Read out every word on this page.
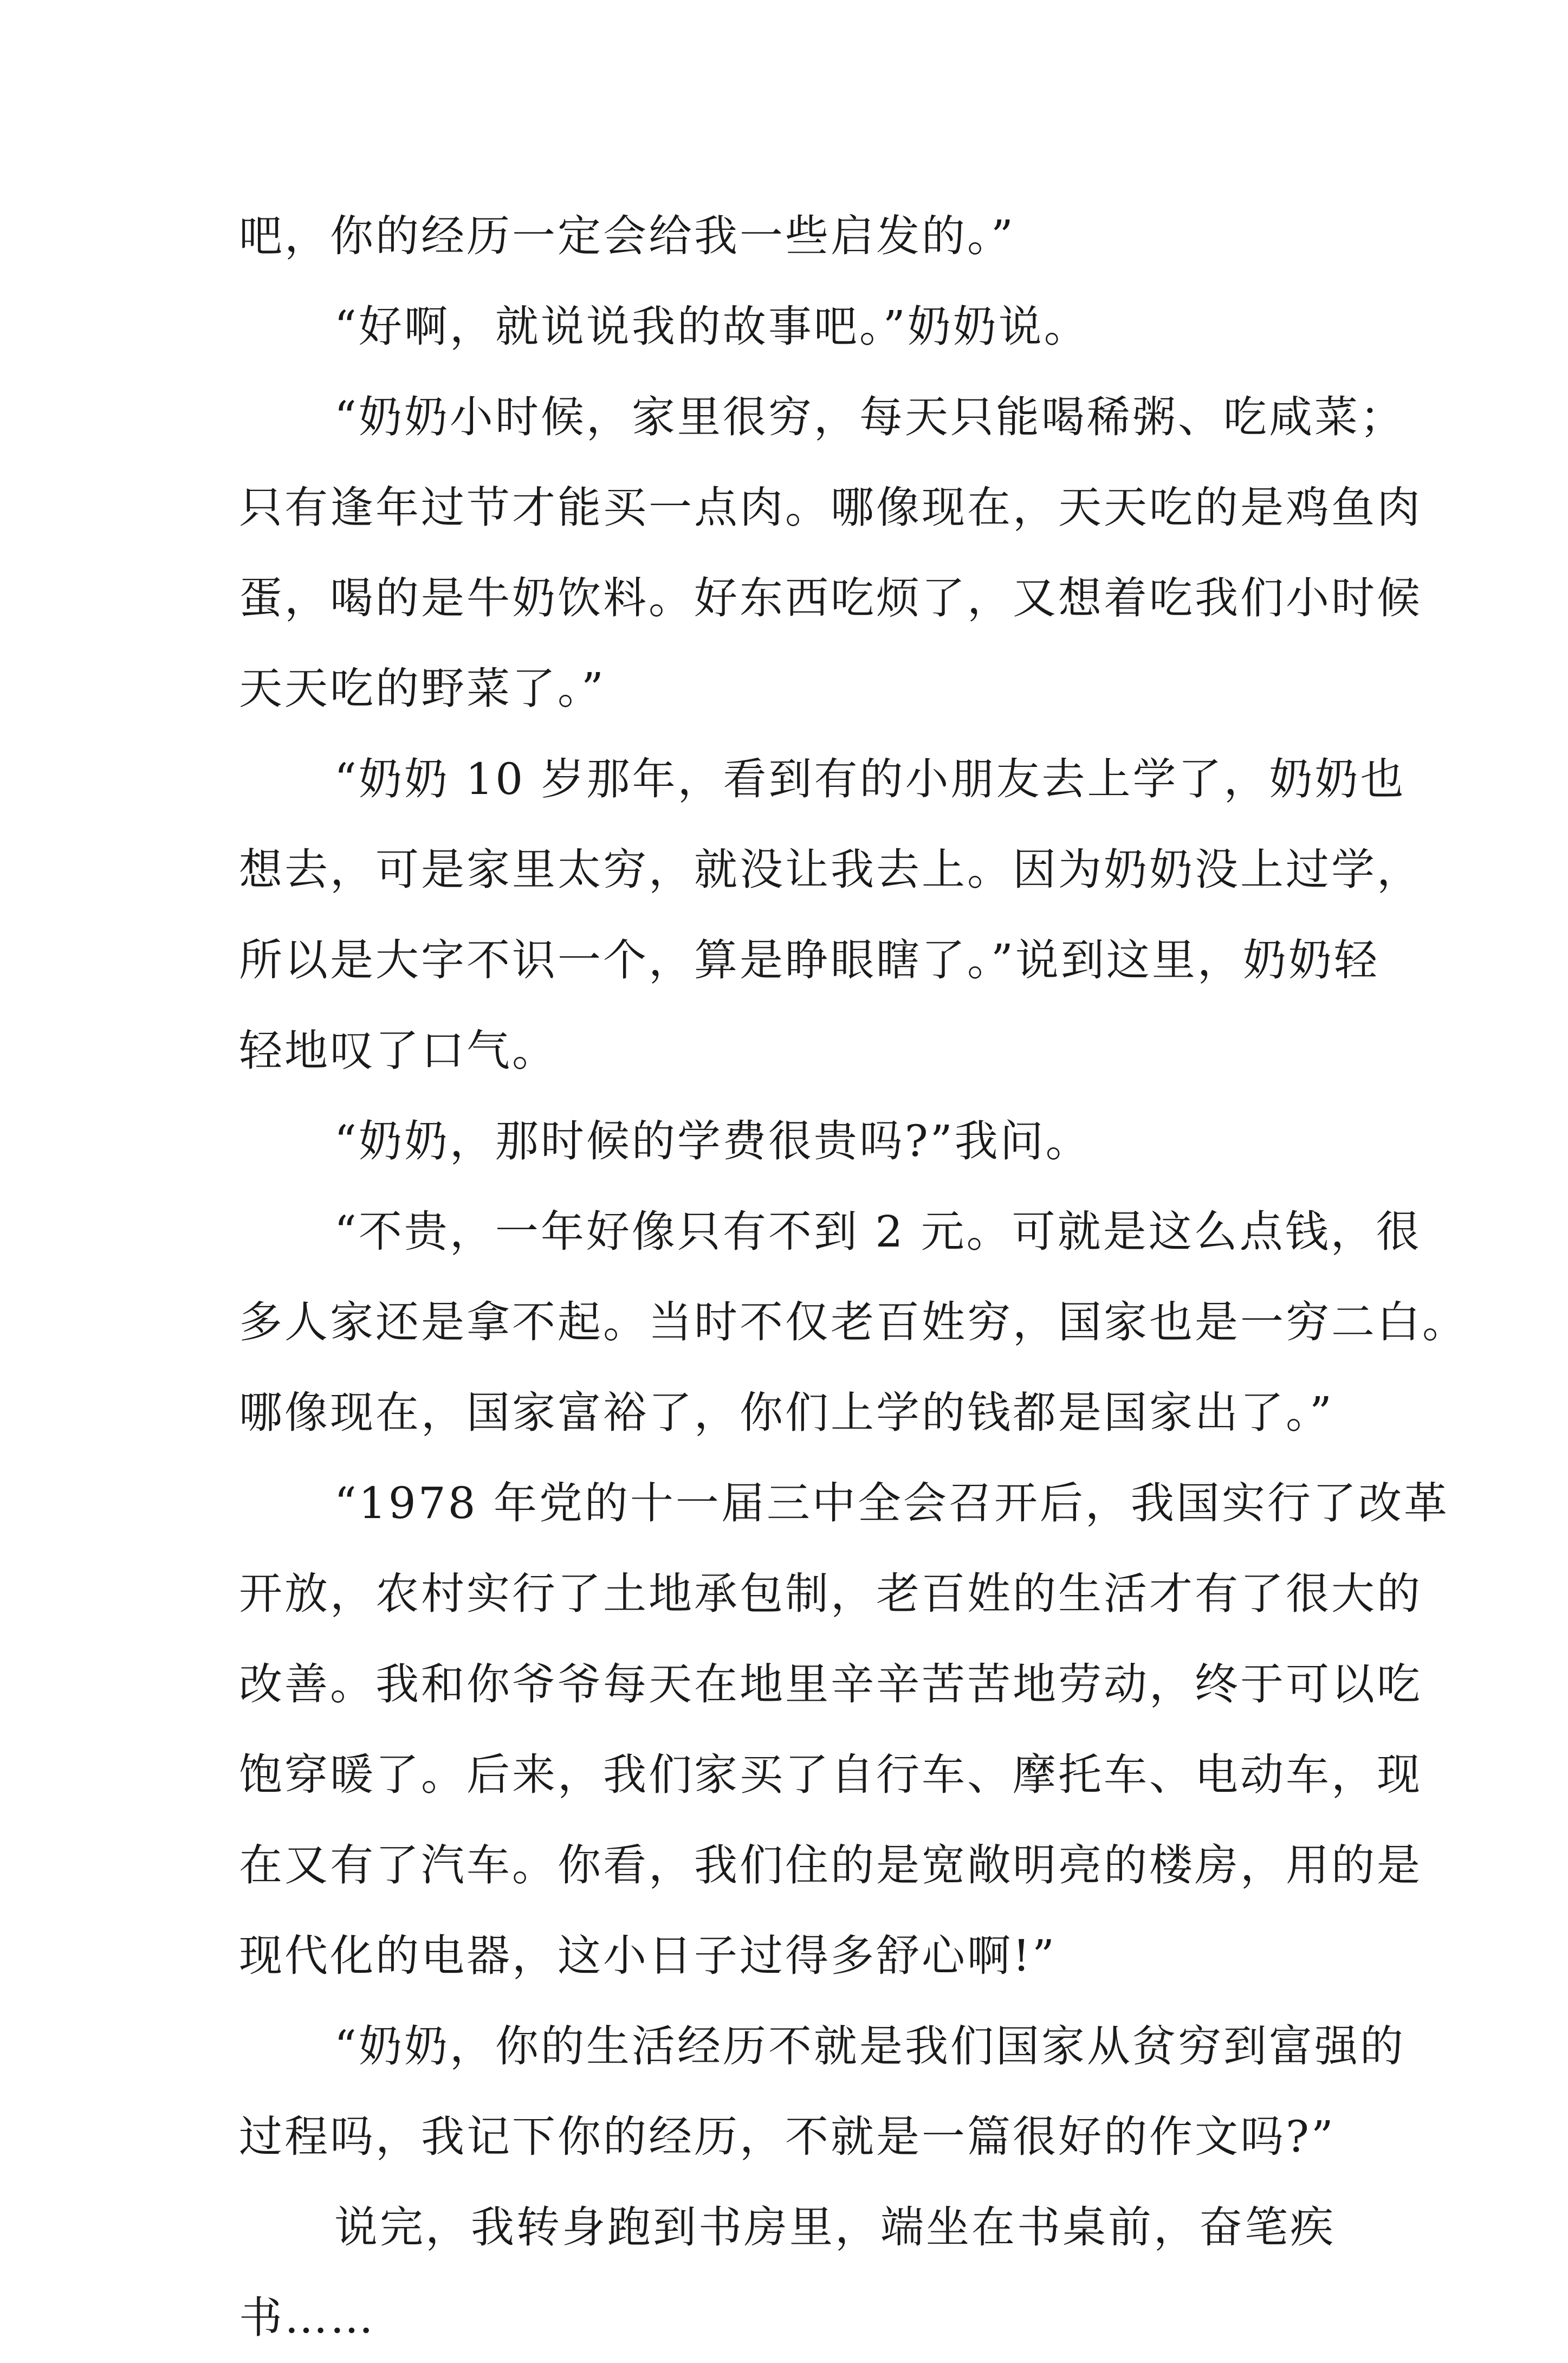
吧，你的经历一定会给我一些启发的。”
“好啊，就说说我的故事吧。”奶奶说。
“奶奶小时候，家里很穷，每天只能喝稀粥、吃咸菜；
只有逢年过节才能买一点肉。哪像现在，天天吃的是鸡鱼肉
蛋，喝的是牛奶饮料。好东西吃烦了，又想着吃我们小时候
天天吃的野菜了。”
“奶奶 10 岁那年，看到有的小朋友去上学了，奶奶也
想去，可是家里太穷，就没让我去上。因为奶奶没上过学，
所以是大字不识一个，算是睁眼瞎了。”说到这里，奶奶轻
轻地叹了口气。
“奶奶，那时候的学费很贵吗?”我问。
“不贵，一年好像只有不到 2 元。可就是这么点钱，很
多人家还是拿不起。当时不仅老百姓穷，国家也是一穷二白。
哪像现在，国家富裕了，你们上学的钱都是国家出了。”
“1978 年党的十一届三中全会召开后，我国实行了改革
开放，农村实行了土地承包制，老百姓的生活才有了很大的
改善。我和你爷爷每天在地里辛辛苦苦地劳动，终于可以吃
饱穿暖了。后来，我们家买了自行车、摩托车、电动车，现
在又有了汽车。你看，我们住的是宽敞明亮的楼房，用的是
现代化的电器，这小日子过得多舒心啊!”
“奶奶，你的生活经历不就是我们国家从贫穷到富强的
过程吗，我记下你的经历，不就是一篇很好的作文吗?”
说完，我转身跑到书房里，端坐在书桌前，奋笔疾
书……
